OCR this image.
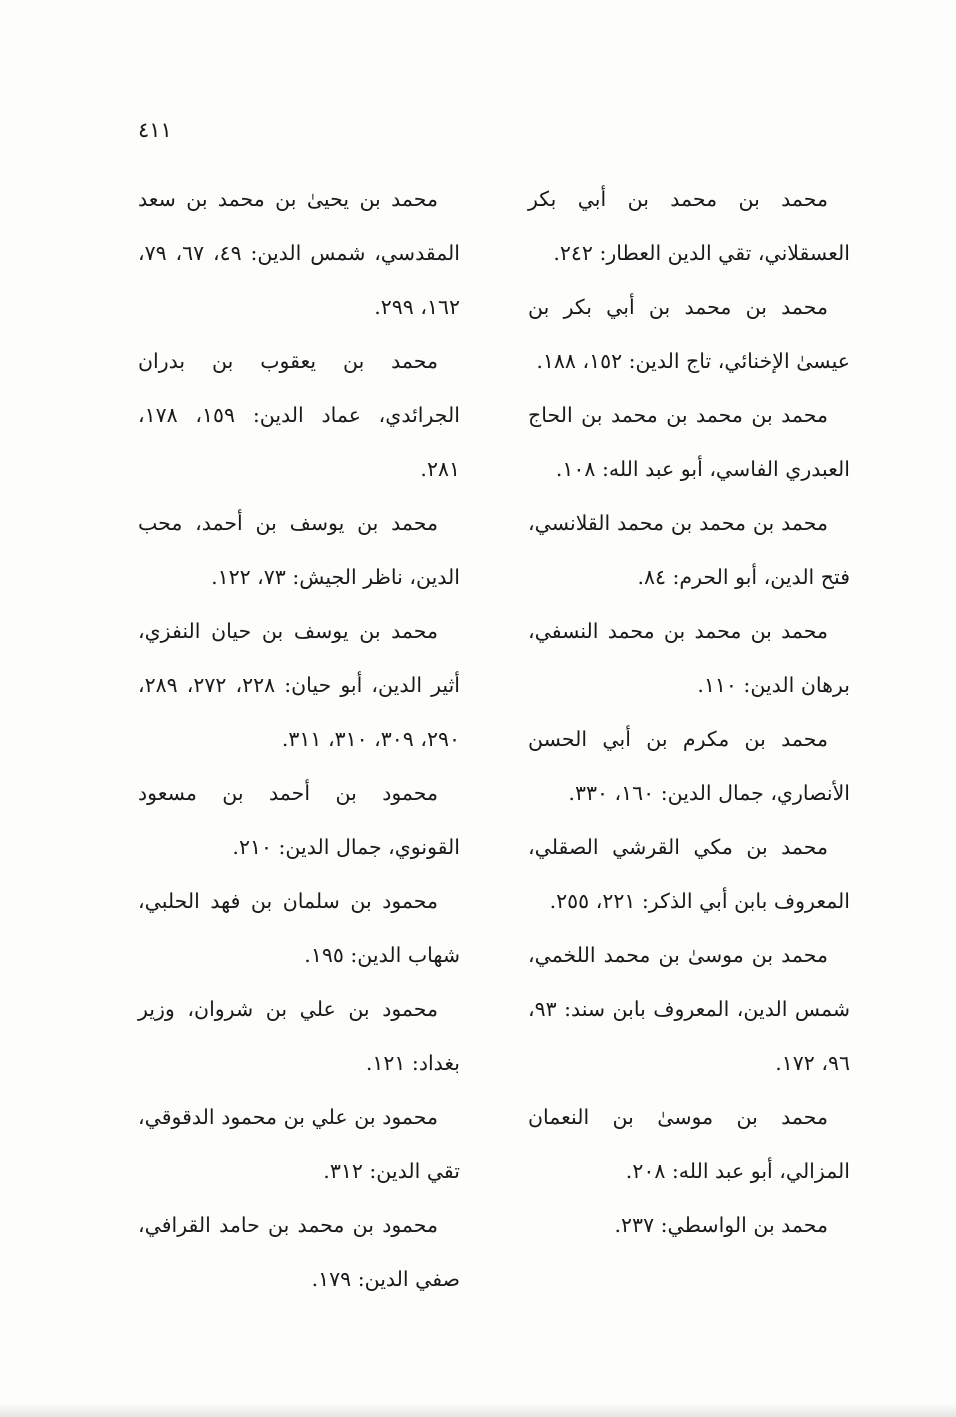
٤١١

محمد بن محمد بن أبي بكر العسقلاني، تقي الدين العطار: ٢٤٢.

محمد بن محمد بن أبي بكر بن عيسىٰ الإخنائي، تاج الدين: ١٥٢، ١٨٨.

محمد بن محمد بن محمد بن الحاج العبدري الفاسي، أبو عبد الله: ١٠٨.

محمد بن محمد بن محمد القلانسي، فتح الدين، أبو الحرم: ٨٤.

محمد بن محمد بن محمد النسفي، برهان الدين: ١١٠.

محمد بن مكرم بن أبي الحسن الأنصاري، جمال الدين: ١٦٠، ٣٣٠.

محمد بن مكي القرشي الصقلي، المعروف بابن أبي الذكر: ٢٢١، ٢٥٥.

محمد بن موسىٰ بن محمد اللخمي، شمس الدين، المعروف بابن سند: ٩٣، ٩٦، ١٧٢.

محمد بن موسىٰ بن النعمان المزالي، أبو عبد الله: ٢٠٨.

محمد بن الواسطي: ٢٣٧.

محمد بن يحيىٰ بن محمد بن سعد المقدسي، شمس الدين: ٤٩، ٦٧، ٧٩، ١٦٢، ٢٩٩.

محمد بن يعقوب بن بدران الجرائدي، عماد الدين: ١٥٩، ١٧٨، ٢٨١.

محمد بن يوسف بن أحمد، محب الدين، ناظر الجيش: ٧٣، ١٢٢.

محمد بن يوسف بن حيان النفزي، أثير الدين، أبو حيان: ٢٢٨، ٢٧٢، ٢٨٩، ٢٩٠، ٣٠٩، ٣١٠، ٣١١.

محمود بن أحمد بن مسعود القونوي، جمال الدين: ٢١٠.

محمود بن سلمان بن فهد الحلبي، شهاب الدين: ١٩٥.

محمود بن علي بن شروان، وزير بغداد: ١٢١.

محمود بن علي بن محمود الدقوقي، تقي الدين: ٣١٢.

محمود بن محمد بن حامد القرافي، صفي الدين: ١٧٩.
